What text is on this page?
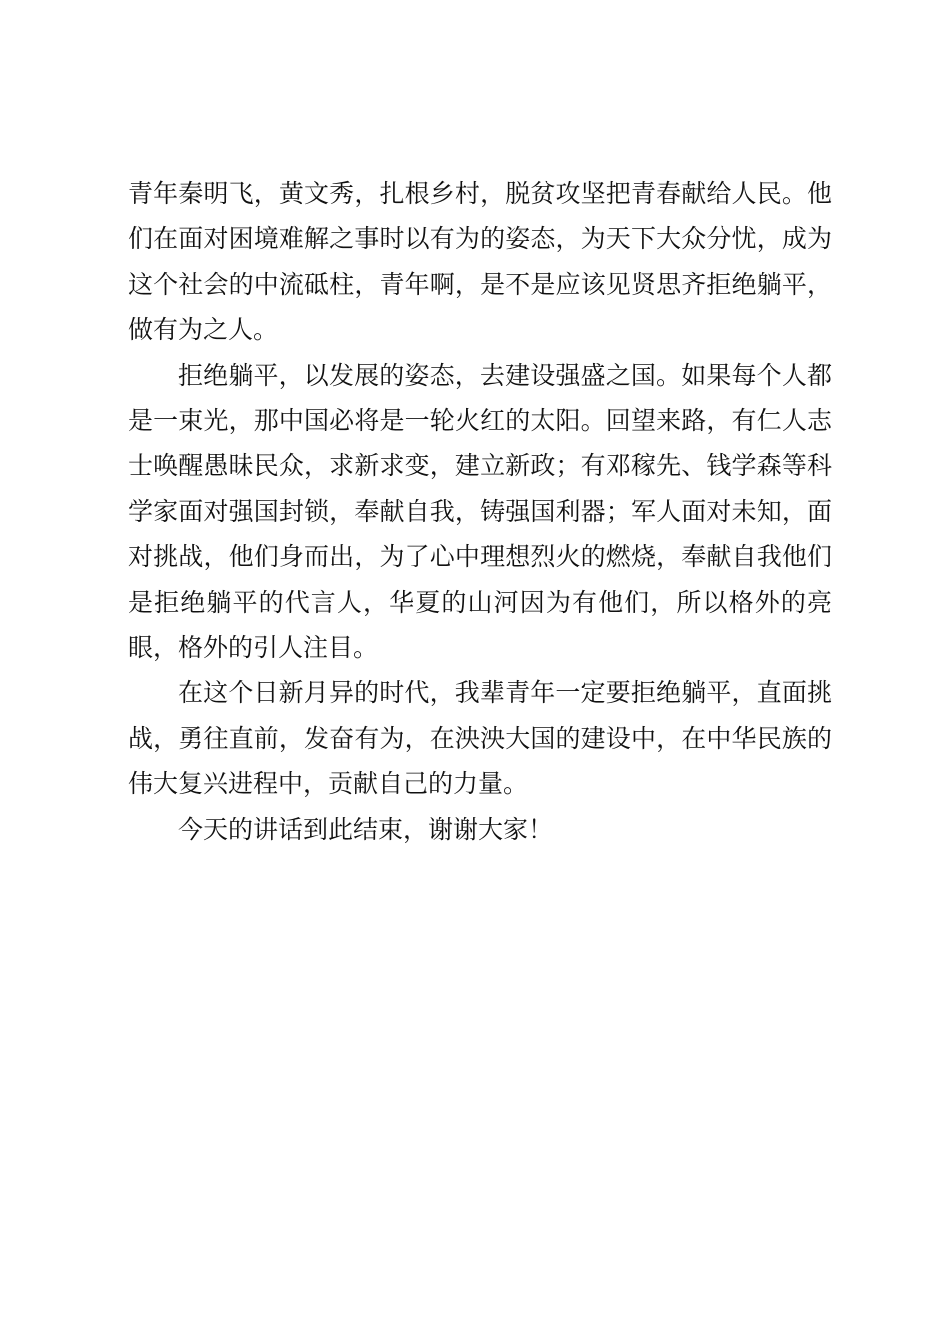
青年秦明飞，黄文秀，扎根乡村，脱贫攻坚把青春献给人民。他们在面对困境难解之事时以有为的姿态，为天下大众分忧，成为这个社会的中流砥柱，青年啊，是不是应该见贤思齐拒绝躺平，做有为之人。

拒绝躺平，以发展的姿态，去建设强盛之国。如果每个人都是一束光，那中国必将是一轮火红的太阳。回望来路，有仁人志士唤醒愚昧民众，求新求变，建立新政；有邓稼先、钱学森等科学家面对强国封锁，奉献自我，铸强国利器；军人面对未知，面对挑战，他们身而出，为了心中理想烈火的燃烧，奉献自我他们是拒绝躺平的代言人，华夏的山河因为有他们，所以格外的亮眼，格外的引人注目。

在这个日新月异的时代，我辈青年一定要拒绝躺平，直面挑战，勇往直前，发奋有为，在泱泱大国的建设中，在中华民族的伟大复兴进程中，贡献自己的力量。

今天的讲话到此结束，谢谢大家！
